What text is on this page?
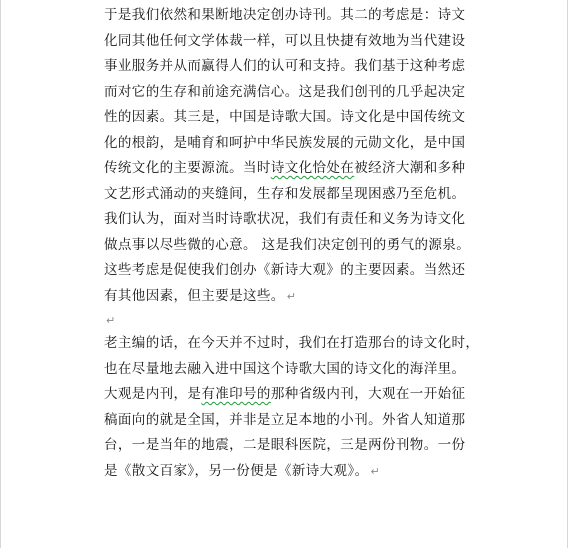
于是我们依然和果断地决定创办诗刊。其二的考虑是：诗文
化同其他任何文学体裁一样，可以且快捷有效地为当代建设
事业服务并从而赢得人们的认可和支持。我们基于这种考虑
而对它的生存和前途充满信心。这是我们创刊的几乎起决定
性的因素。其三是，中国是诗歌大国。诗文化是中国传统文
化的根韵，是哺育和呵护中华民族发展的元勋文化，是中国
传统文化的主要源流。当时诗文化恰处在被经济大潮和多种
文艺形式涌动的夹缝间，生存和发展都呈现困惑乃至危机。
我们认为，面对当时诗歌状况，我们有责任和义务为诗文化
做点事以尽些微的心意。 这是我们决定创刊的勇气的源泉。
这些考虑是促使我们创办《新诗大观》的主要因素。当然还
有其他因素，但主要是这些。 ↵
↵
老主编的话，在今天并不过时，我们在打造那台的诗文化时，
也在尽量地去融入进中国这个诗歌大国的诗文化的海洋里。
大观是内刊，是有准印号的那种省级内刊，大观在一开始征
稿面向的就是全国，并非是立足本地的小刊。外省人知道那
台，一是当年的地震，二是眼科医院，三是两份刊物。一份
是《散文百家》，另一份便是《新诗大观》。 ↵
